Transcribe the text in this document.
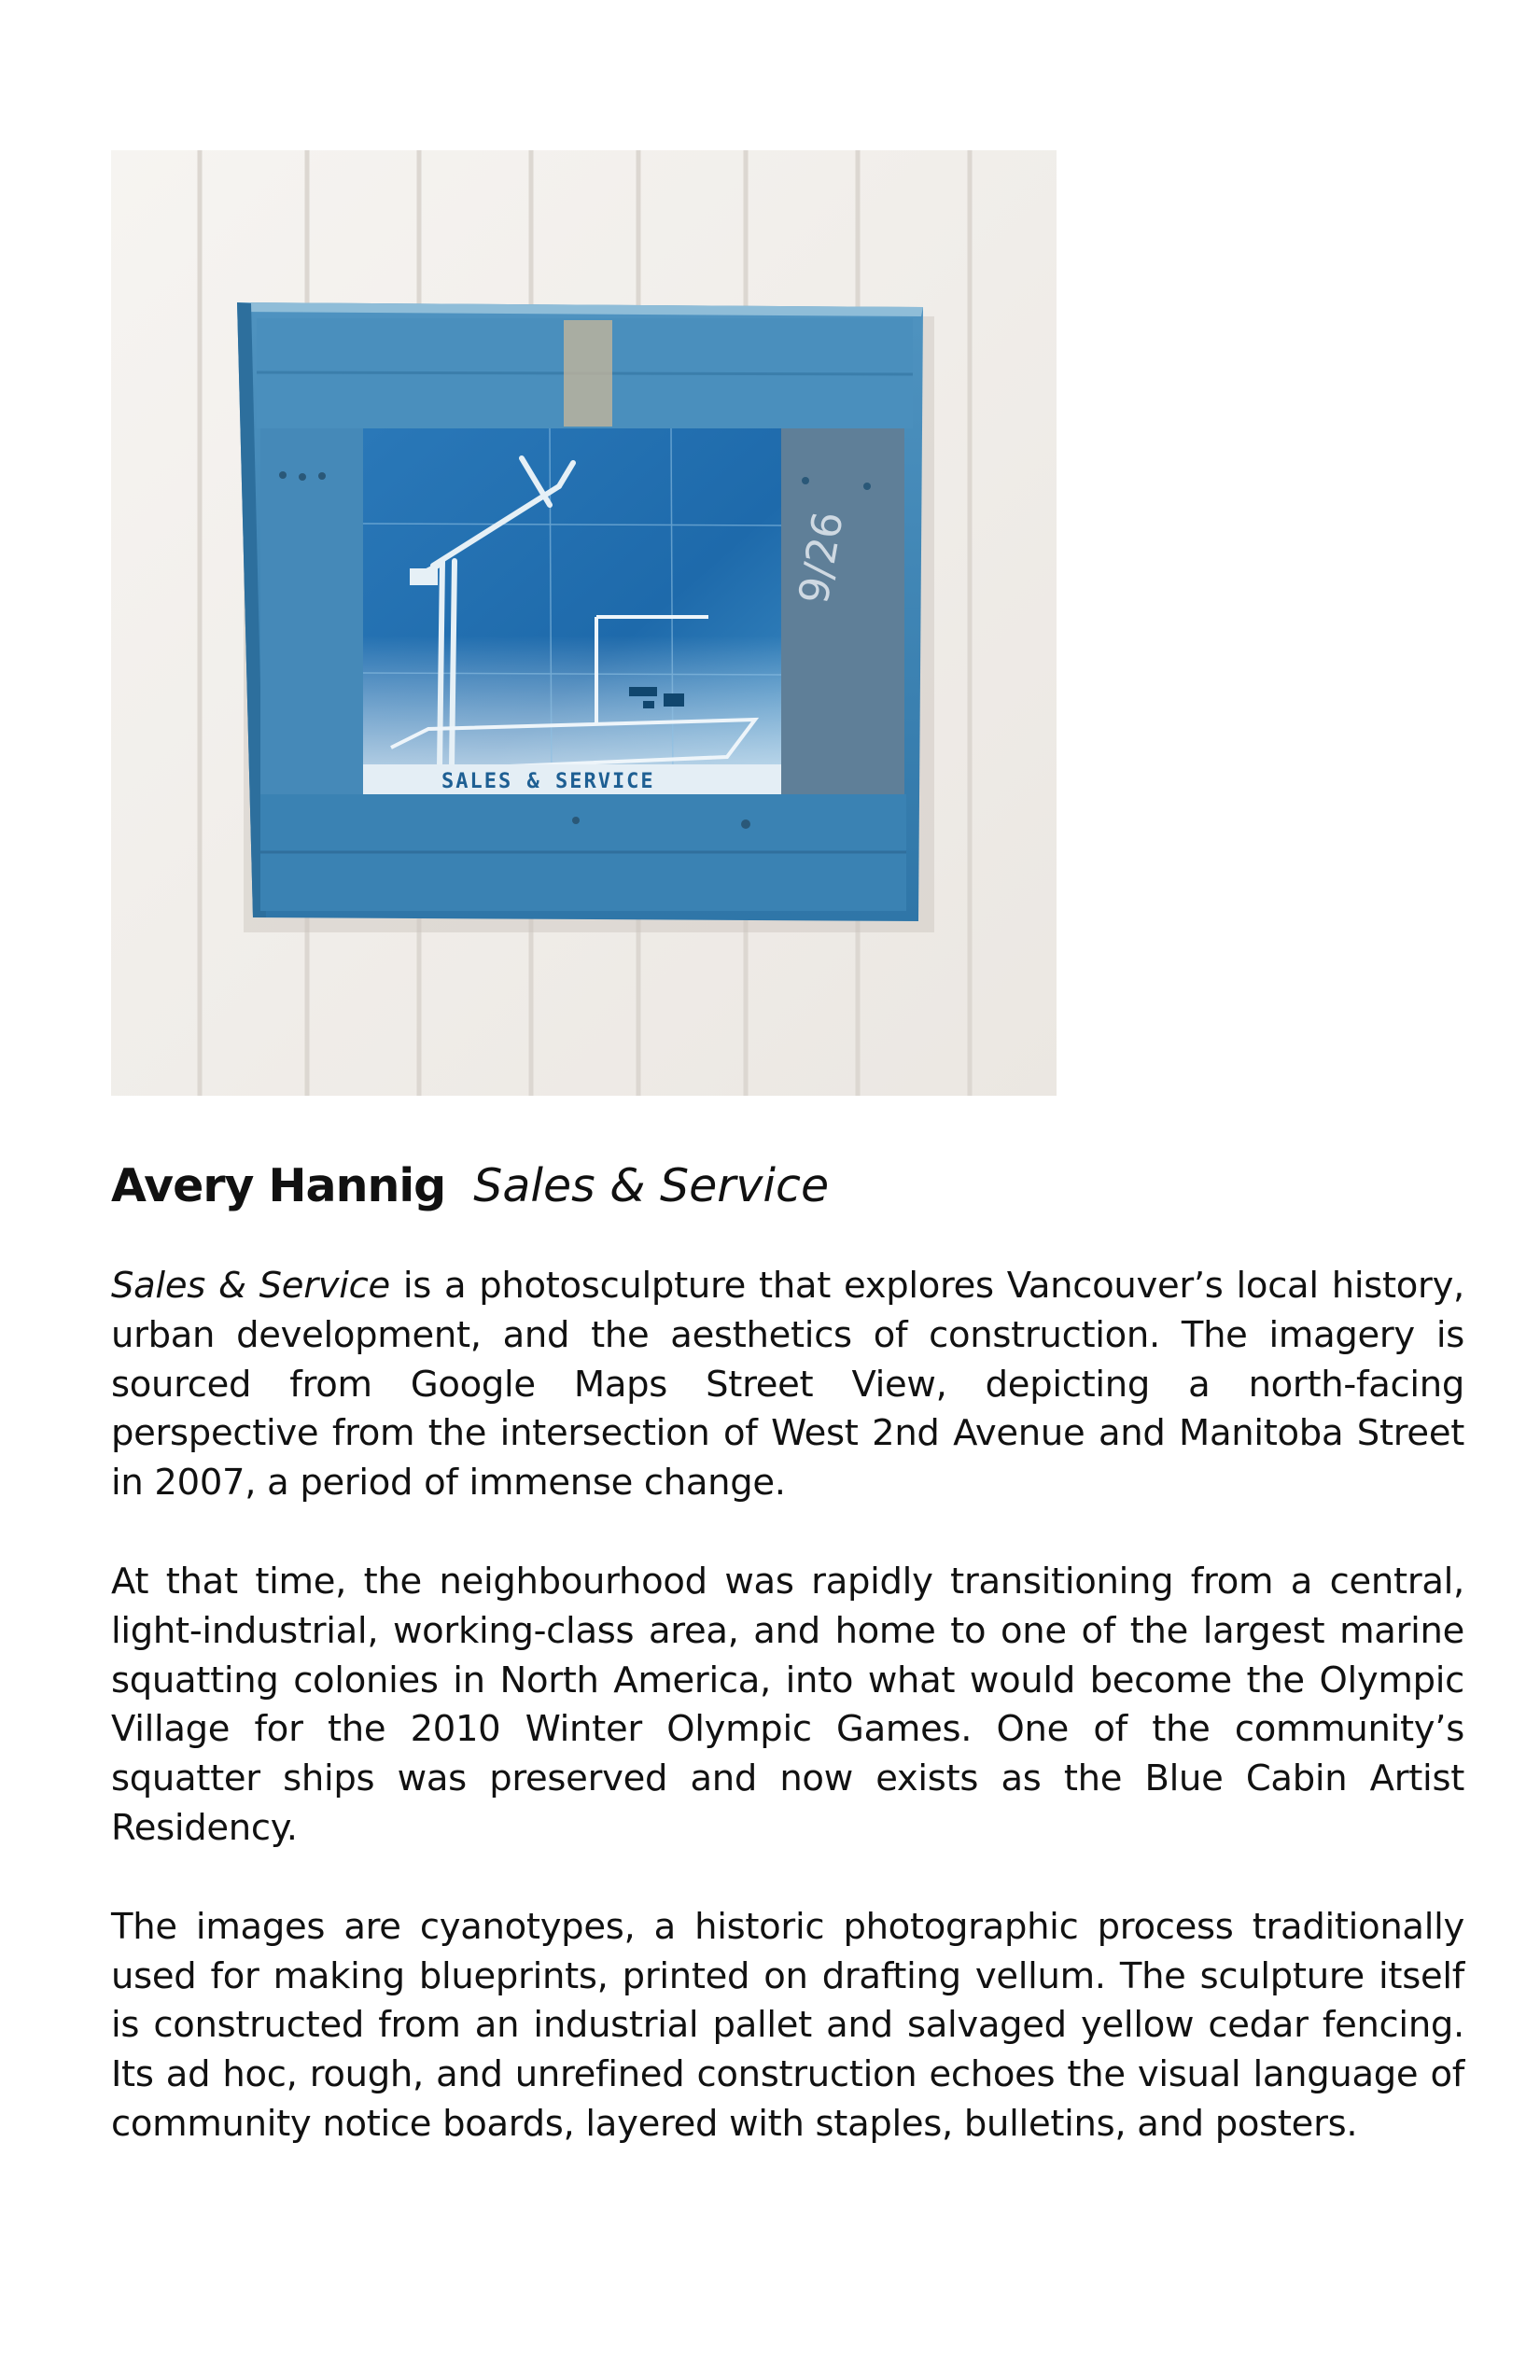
9/26
SALES & SERVICE
Avery Hannig Sales & Service

Sales & Service is a photosculpture that explores Vancouver’s local history, urban development, and the aesthetics of construction. The imagery is sourced from Google Maps Street View, depicting a north-facing perspective from the intersection of West 2nd Avenue and Manitoba Street in 2007, a period of immense change.

At that time, the neighbourhood was rapidly transitioning from a central, light-industrial, working-class area, and home to one of the largest marine squatting colonies in North America, into what would become the Olympic Village for the 2010 Winter Olympic Games. One of the community’s squatter ships was preserved and now exists as the Blue Cabin Artist Residency.

The images are cyanotypes, a historic photographic process traditionally used for making blueprints, printed on drafting vellum. The sculpture itself is constructed from an industrial pallet and salvaged yellow cedar fencing. Its ad hoc, rough, and unrefined construction echoes the visual language of community notice boards, layered with staples, bulletins, and posters.
